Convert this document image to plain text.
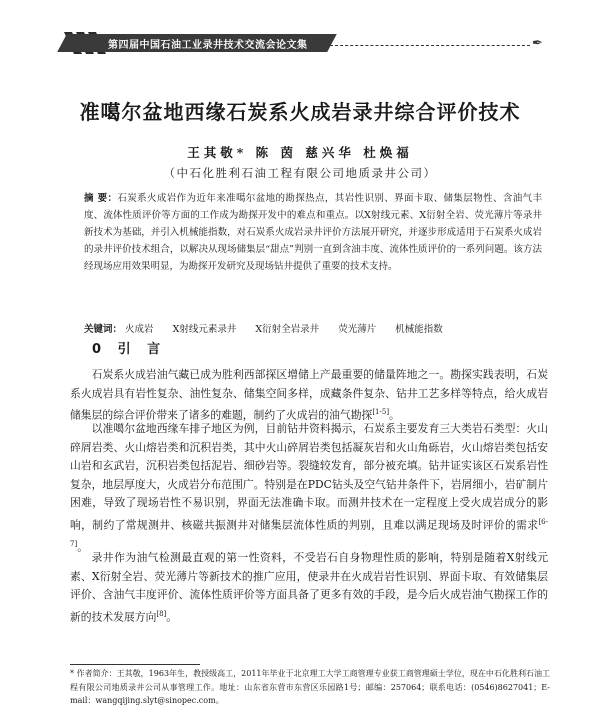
第四届中国石油工业录井技术交流会论文集	✒
准噶尔盆地西缘石炭系火成岩录井综合评价技术
王其敬* 陈 茵 慈兴华 杜焕福
（中石化胜利石油工程有限公司地质录井公司）
摘 要：石炭系火成岩作为近年来准噶尔盆地的勘探热点，其岩性识别、界面卡取、储集层物性、含油气丰度、流体性质评价等方面的工作成为勘探开发中的难点和重点。以X射线元素、X衍射全岩、荧光薄片等录井新技术为基础，并引入机械能指数，对石炭系火成岩录井评价方法展开研究，并逐步形成适用于石炭系火成岩的录井评价技术组合，以解决从现场储集层“甜点”判别一直到含油丰度、流体性质评价的一系列问题。该方法经现场应用效果明显，为勘探开发研究及现场钻井提供了重要的技术支持。
关键词： 火成岩 X射线元素录井 X衍射全岩录井 荧光薄片 机械能指数
0 引 言
石炭系火成岩油气藏已成为胜利西部探区增储上产最重要的储量阵地之一。勘探实践表明，石炭系火成岩具有岩性复杂、油性复杂、储集空间多样，成藏条件复杂、钻井工艺多样等特点，给火成岩储集层的综合评价带来了诸多的难题，制约了火成岩的油气勘探[1-5]。
以准噶尔盆地西缘车排子地区为例，目前钻井资料揭示，石炭系主要发育三大类岩石类型：火山碎屑岩类、火山熔岩类和沉积岩类，其中火山碎屑岩类包括凝灰岩和火山角砾岩，火山熔岩类包括安山岩和玄武岩，沉积岩类包括泥岩、细砂岩等。裂缝较发育，部分被充填。钻井证实该区石炭系岩性复杂，地层厚度大，火成岩分布范围广。特别是在PDC钻头及空气钻井条件下，岩屑细小，岩矿制片困难，导致了现场岩性不易识别，界面无法准确卡取。而测井技术在一定程度上受火成岩成分的影响，制约了常规测井、核磁共振测井对储集层流体性质的判别，且难以满足现场及时评价的需求[6-7]。
录井作为油气检测最直观的第一性资料，不受岩石自身物理性质的影响，特别是随着X射线元素、X衍射全岩、荧光薄片等新技术的推广应用，使录井在火成岩岩性识别、界面卡取、有效储集层评价、含油气丰度评价、流体性质评价等方面具备了更多有效的手段，是今后火成岩油气勘探工作的新的技术发展方向[8]。
* 作者简介：王其敬，1963年生，教授级高工，2011年毕业于北京理工大学工商管理专业获工商管理硕士学位，现在中石化胜利石油工程有限公司地质录井公司从事管理工作。地址：山东省东营市东营区乐园路1号；邮编：257064；联系电话：(0546)8627041；E-mail：wangqijing.slyt@sinopec.com。
